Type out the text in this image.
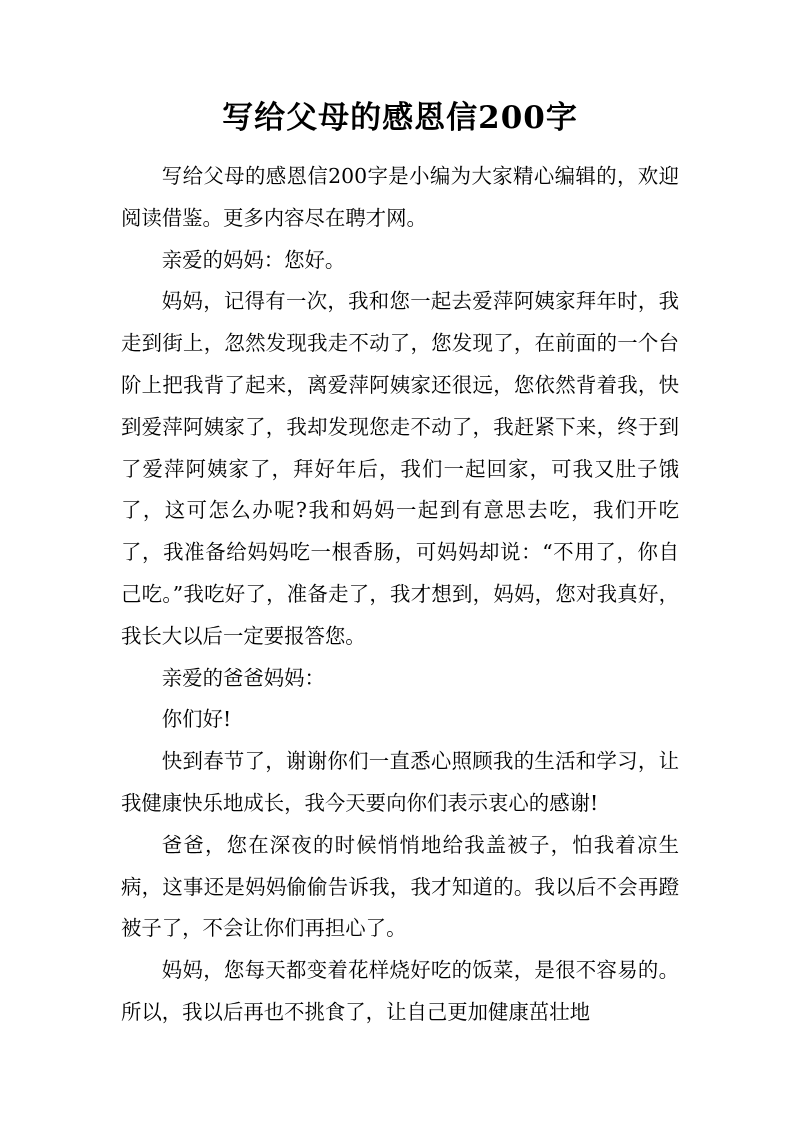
写给父母的感恩信200字

写给父母的感恩信200字是小编为大家精心编辑的，欢迎阅读借鉴。更多内容尽在聘才网。

亲爱的妈妈：您好。

妈妈，记得有一次，我和您一起去爱萍阿姨家拜年时，我走到街上，忽然发现我走不动了，您发现了，在前面的一个台阶上把我背了起来，离爱萍阿姨家还很远，您依然背着我，快到爱萍阿姨家了，我却发现您走不动了，我赶紧下来，终于到了爱萍阿姨家了，拜好年后，我们一起回家，可我又肚子饿了，这可怎么办呢?我和妈妈一起到有意思去吃，我们开吃了，我准备给妈妈吃一根香肠，可妈妈却说：“不用了，你自己吃。”我吃好了，准备走了，我才想到，妈妈，您对我真好，我长大以后一定要报答您。

亲爱的爸爸妈妈：

你们好!

快到春节了，谢谢你们一直悉心照顾我的生活和学习，让我健康快乐地成长，我今天要向你们表示衷心的感谢!

爸爸，您在深夜的时候悄悄地给我盖被子，怕我着凉生病，这事还是妈妈偷偷告诉我，我才知道的。我以后不会再蹬被子了，不会让你们再担心了。

妈妈，您每天都变着花样烧好吃的饭菜，是很不容易的。所以，我以后再也不挑食了，让自己更加健康茁壮地
